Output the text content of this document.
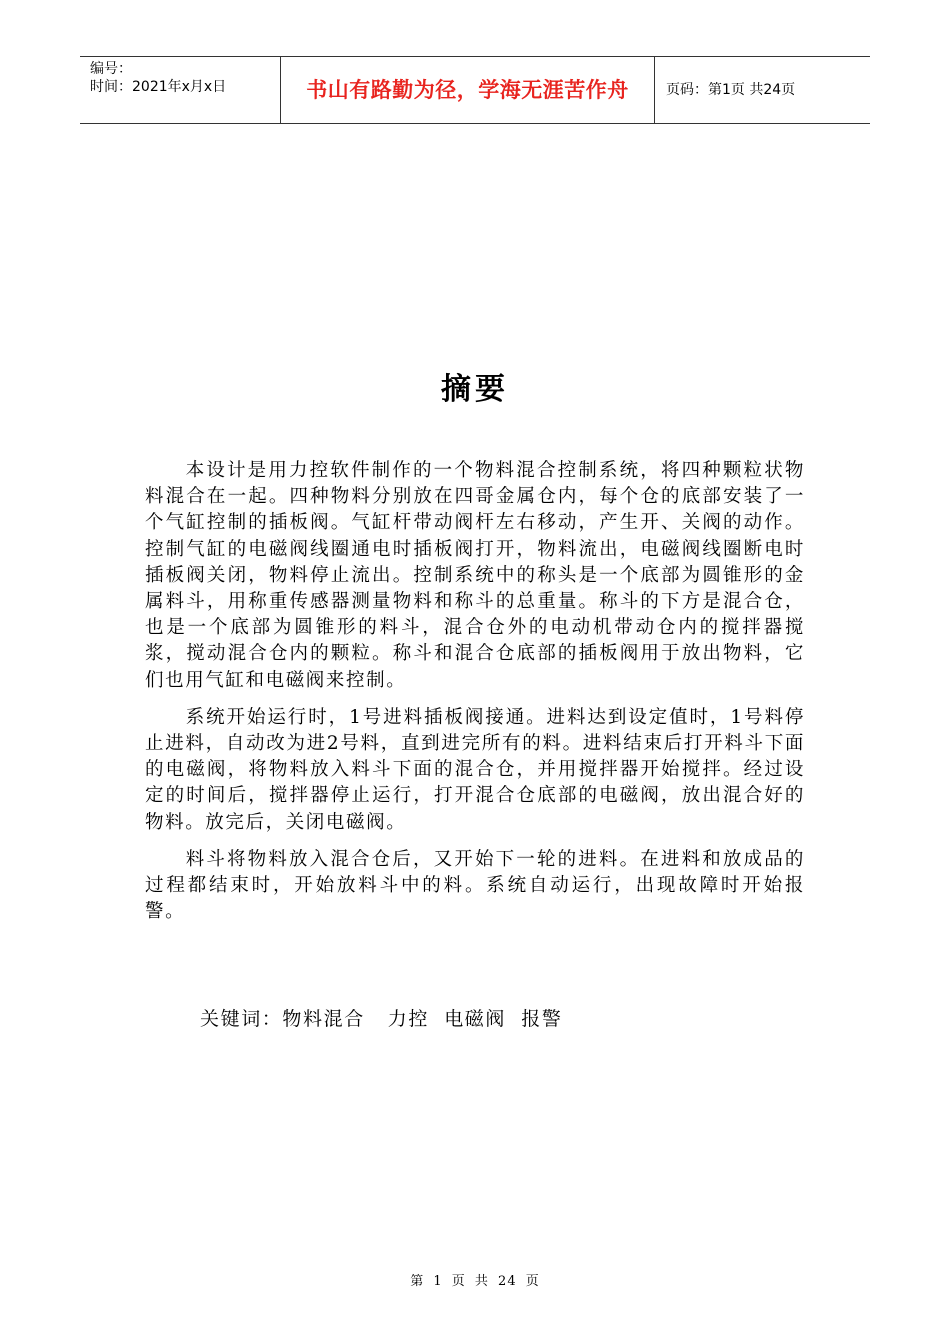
编号：
时间：2021年x月x日	书山有路勤为径，学海无涯苦作舟	页码：第1页 共24页
摘要

本设计是用力控软件制作的一个物料混合控制系统，将四种颗粒状物料混合在一起。四种物料分别放在四哥金属仓内，每个仓的底部安装了一个气缸控制的插板阀。气缸杆带动阀杆左右移动，产生开、关阀的动作。控制气缸的电磁阀线圈通电时插板阀打开，物料流出，电磁阀线圈断电时插板阀关闭，物料停止流出。控制系统中的称头是一个底部为圆锥形的金属料斗，用称重传感器测量物料和称斗的总重量。称斗的下方是混合仓，也是一个底部为圆锥形的料斗，混合仓外的电动机带动仓内的搅拌器搅浆，搅动混合仓内的颗粒。称斗和混合仓底部的插板阀用于放出物料，它们也用气缸和电磁阀来控制。

系统开始运行时，1号进料插板阀接通。进料达到设定值时，1号料停止进料，自动改为进2号料，直到进完所有的料。进料结束后打开料斗下面的电磁阀，将物料放入料斗下面的混合仓，并用搅拌器开始搅拌。经过设定的时间后，搅拌器停止运行，打开混合仓底部的电磁阀，放出混合好的物料。放完后，关闭电磁阀。

料斗将物料放入混合仓后，又开始下一轮的进料。在进料和放成品的过程都结束时，开始放料斗中的料。系统自动运行，出现故障时开始报警。

关键词：物料混合   力控  电磁阀  报警
第 1 页 共 24 页
